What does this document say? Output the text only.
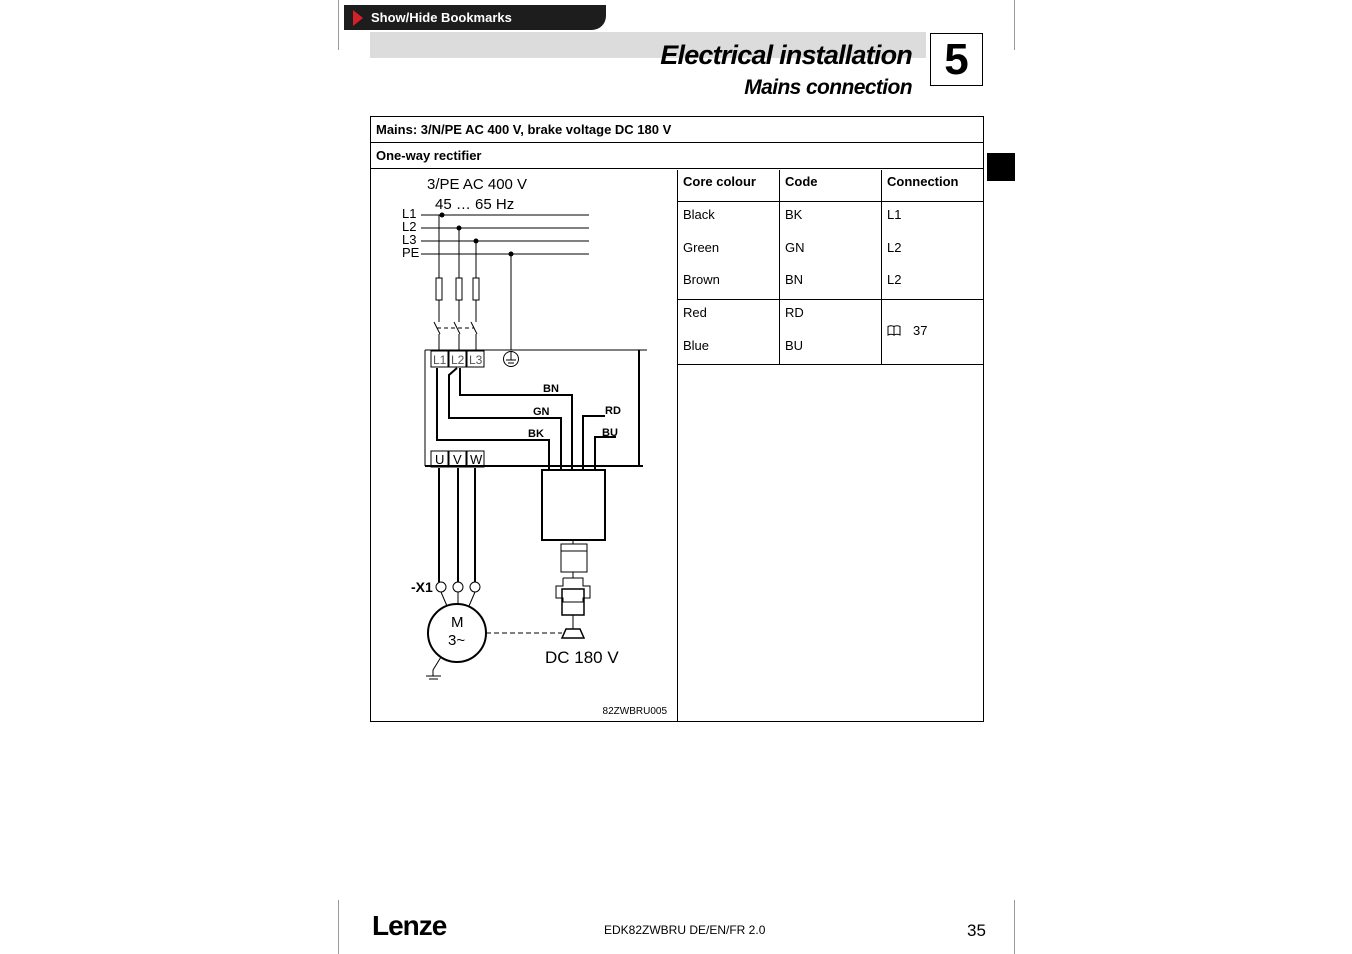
Show/Hide Bookmarks
Electrical installation
Mains connection
5
Mains: 3/N/PE AC 400 V, brake voltage DC 180 V
One-way rectifier
3/PE AC 400 V
45 … 65 Hz
L1
L2
L3
PE
L1 L2 L3
U V W
BN
GN
BK
RD
BU
-X1
M
3~
DC 180 V
82ZWBRU005
Core colour	Code	Connection
Black	BK	L1
Green	GN	L2
Brown	BN	L2
Red	RD
Blue	BU
37
Lenze	EDK82ZWBRU DE/EN/FR 2.0	35
